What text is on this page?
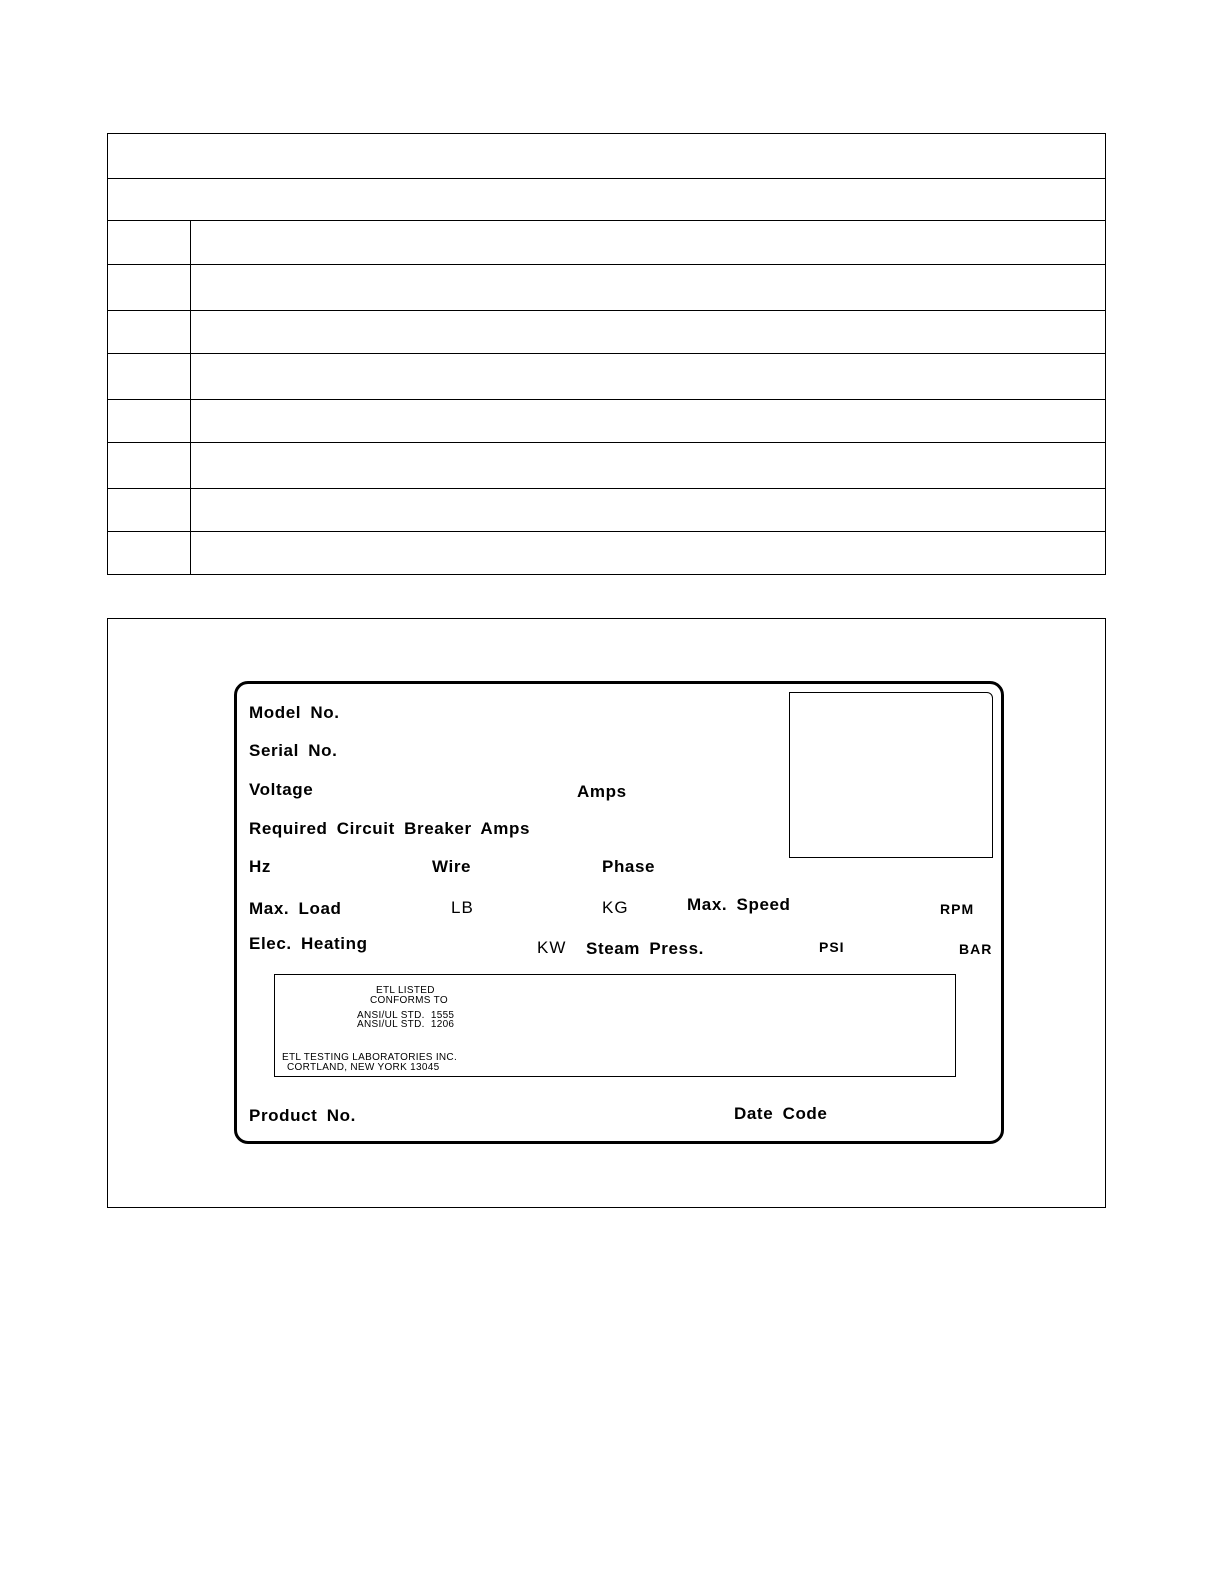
Model No.
Serial No.
Voltage	Amps
Required Circuit Breaker Amps
Hz	Wire	Phase
Max. Load	LB	KG	Max. Speed	RPM
Elec. Heating	KW Steam Press.	PSI	BAR
ETL LISTED
CONFORMS TO
ANSI/UL STD.  1555
ANSI/UL STD.  1206
ETL TESTING LABORATORIES INC.
CORTLAND, NEW YORK 13045
Product No.	Date Code
